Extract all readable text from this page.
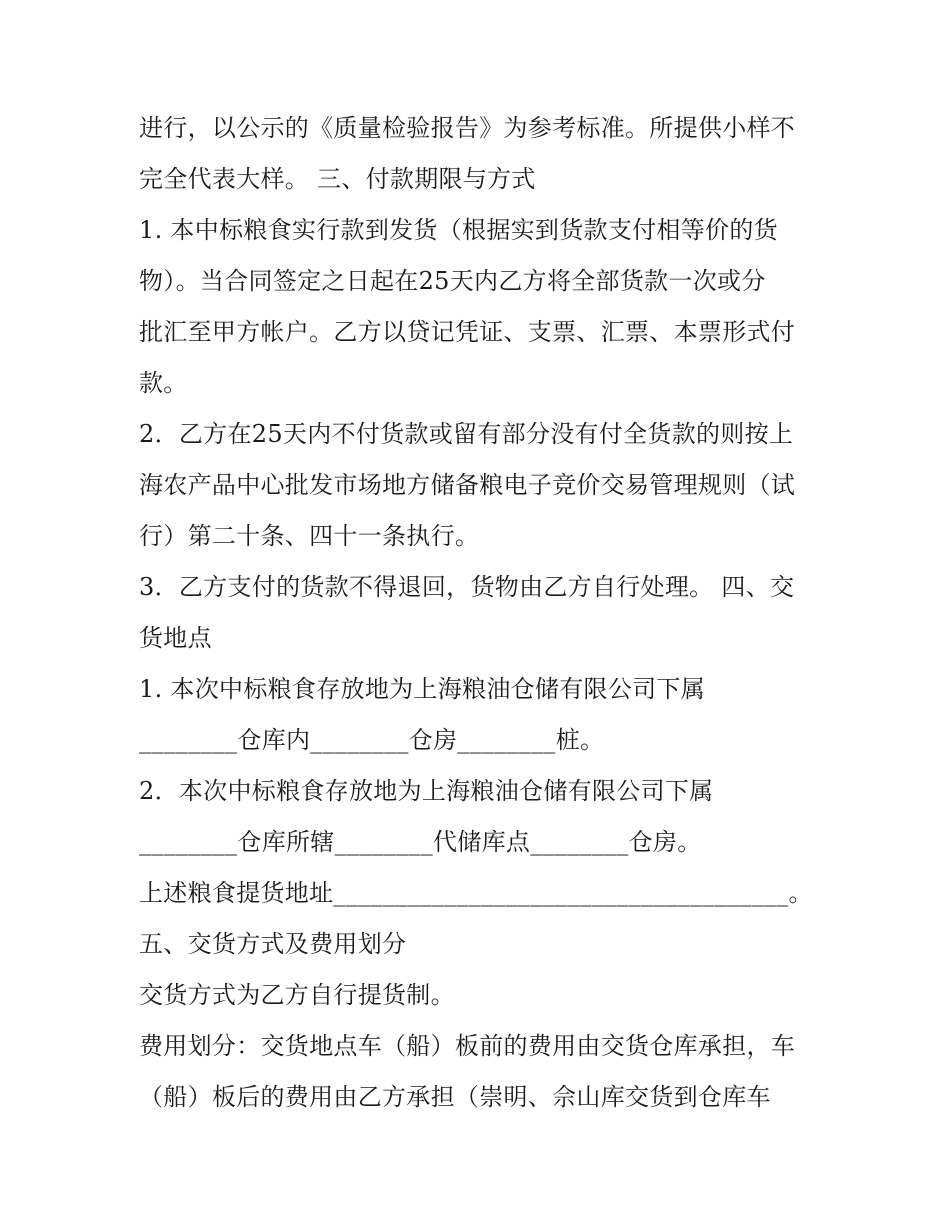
进行，以公示的《质量检验报告》为参考标准。所提供小样不
完全代表大样。 三、付款期限与方式
1. 本中标粮食实行款到发货（根据实到货款支付相等价的货
物）。当合同签定之日起在25天内乙方将全部货款一次或分
批汇至甲方帐户。乙方以贷记凭证、支票、汇票、本票形式付
款。
2．乙方在25天内不付货款或留有部分没有付全货款的则按上
海农产品中心批发市场地方储备粮电子竞价交易管理规则（试
行）第二十条、四十一条执行。
3．乙方支付的货款不得退回，货物由乙方自行处理。 四、交
货地点
1. 本次中标粮食存放地为上海粮油仓储有限公司下属
________仓库内________仓房________桩。
2．本次中标粮食存放地为上海粮油仓储有限公司下属
________仓库所辖________代储库点________仓房。
上述粮食提货地址_____________________________________。
五、交货方式及费用划分
交货方式为乙方自行提货制。
费用划分：交货地点车（船）板前的费用由交货仓库承担，车
（船）板后的费用由乙方承担（崇明、佘山库交货到仓库车
